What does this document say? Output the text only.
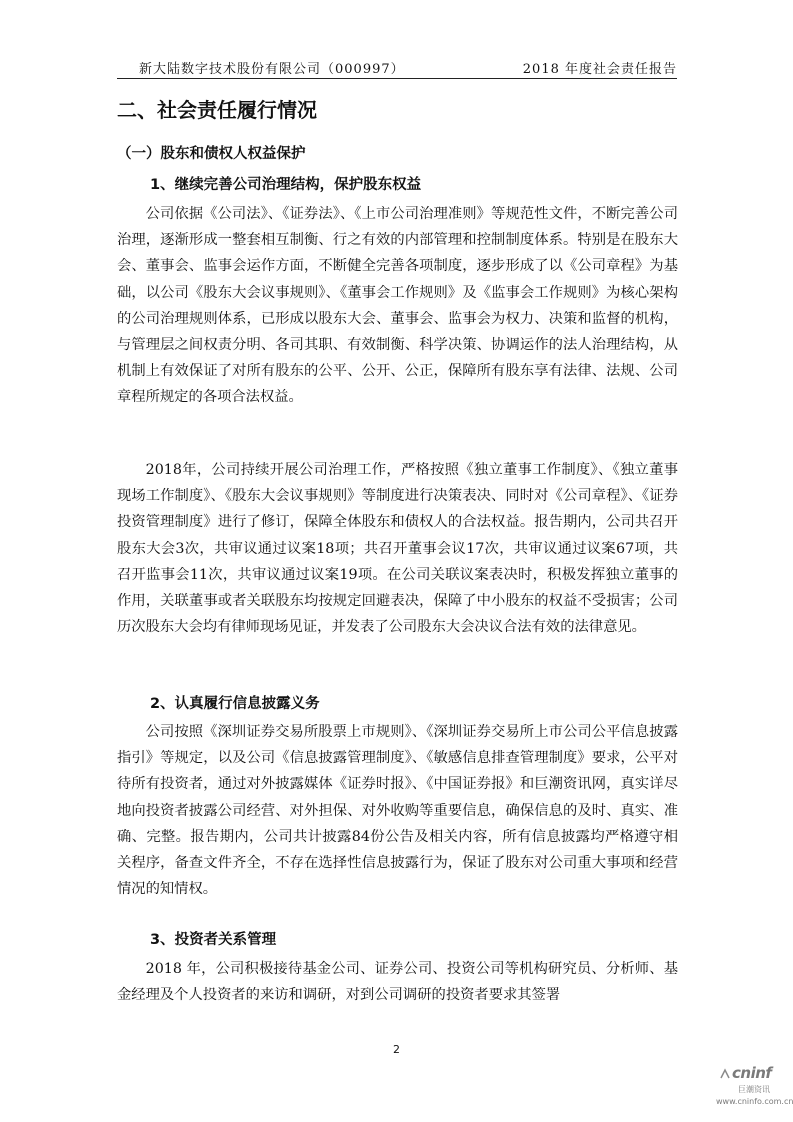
新大陆数字技术股份有限公司（000997）	2018 年度社会责任报告
二、社会责任履行情况
（一）股东和债权人权益保护
1、继续完善公司治理结构，保护股东权益

公司依据《公司法》、《证券法》、《上市公司治理准则》等规范性文件，不断完善公司治理，逐渐形成一整套相互制衡、行之有效的内部管理和控制制度体系。特别是在股东大会、董事会、监事会运作方面，不断健全完善各项制度，逐步形成了以《公司章程》为基础，以公司《股东大会议事规则》、《董事会工作规则》及《监事会工作规则》为核心架构的公司治理规则体系，已形成以股东大会、董事会、监事会为权力、决策和监督的机构，与管理层之间权责分明、各司其职、有效制衡、科学决策、协调运作的法人治理结构，从机制上有效保证了对所有股东的公平、公开、公正，保障所有股东享有法律、法规、公司章程所规定的各项合法权益。

2018年，公司持续开展公司治理工作，严格按照《独立董事工作制度》、《独立董事现场工作制度》、《股东大会议事规则》等制度进行决策表决、同时对《公司章程》、《证券投资管理制度》进行了修订，保障全体股东和债权人的合法权益。报告期内，公司共召开股东大会3次，共审议通过议案18项；共召开董事会议17次，共审议通过议案67项，共召开监事会11次，共审议通过议案19项。在公司关联议案表决时，积极发挥独立董事的作用，关联董事或者关联股东均按规定回避表决，保障了中小股东的权益不受损害；公司历次股东大会均有律师现场见证，并发表了公司股东大会决议合法有效的法律意见。

2、认真履行信息披露义务

公司按照《深圳证券交易所股票上市规则》、《深圳证券交易所上市公司公平信息披露指引》等规定，以及公司《信息披露管理制度》、《敏感信息排查管理制度》要求，公平对待所有投资者，通过对外披露媒体《证券时报》、《中国证券报》和巨潮资讯网，真实详尽地向投资者披露公司经营、对外担保、对外收购等重要信息，确保信息的及时、真实、准确、完整。报告期内，公司共计披露84份公告及相关内容，所有信息披露均严格遵守相关程序，备查文件齐全，不存在选择性信息披露行为，保证了股东对公司重大事项和经营情况的知情权。

3、投资者关系管理

2018 年，公司积极接待基金公司、证券公司、投资公司等机构研究员、分析师、基金经理及个人投资者的来访和调研，对到公司调研的投资者要求其签署

2
cninf
巨潮资讯
www.cninfo.com.cn
